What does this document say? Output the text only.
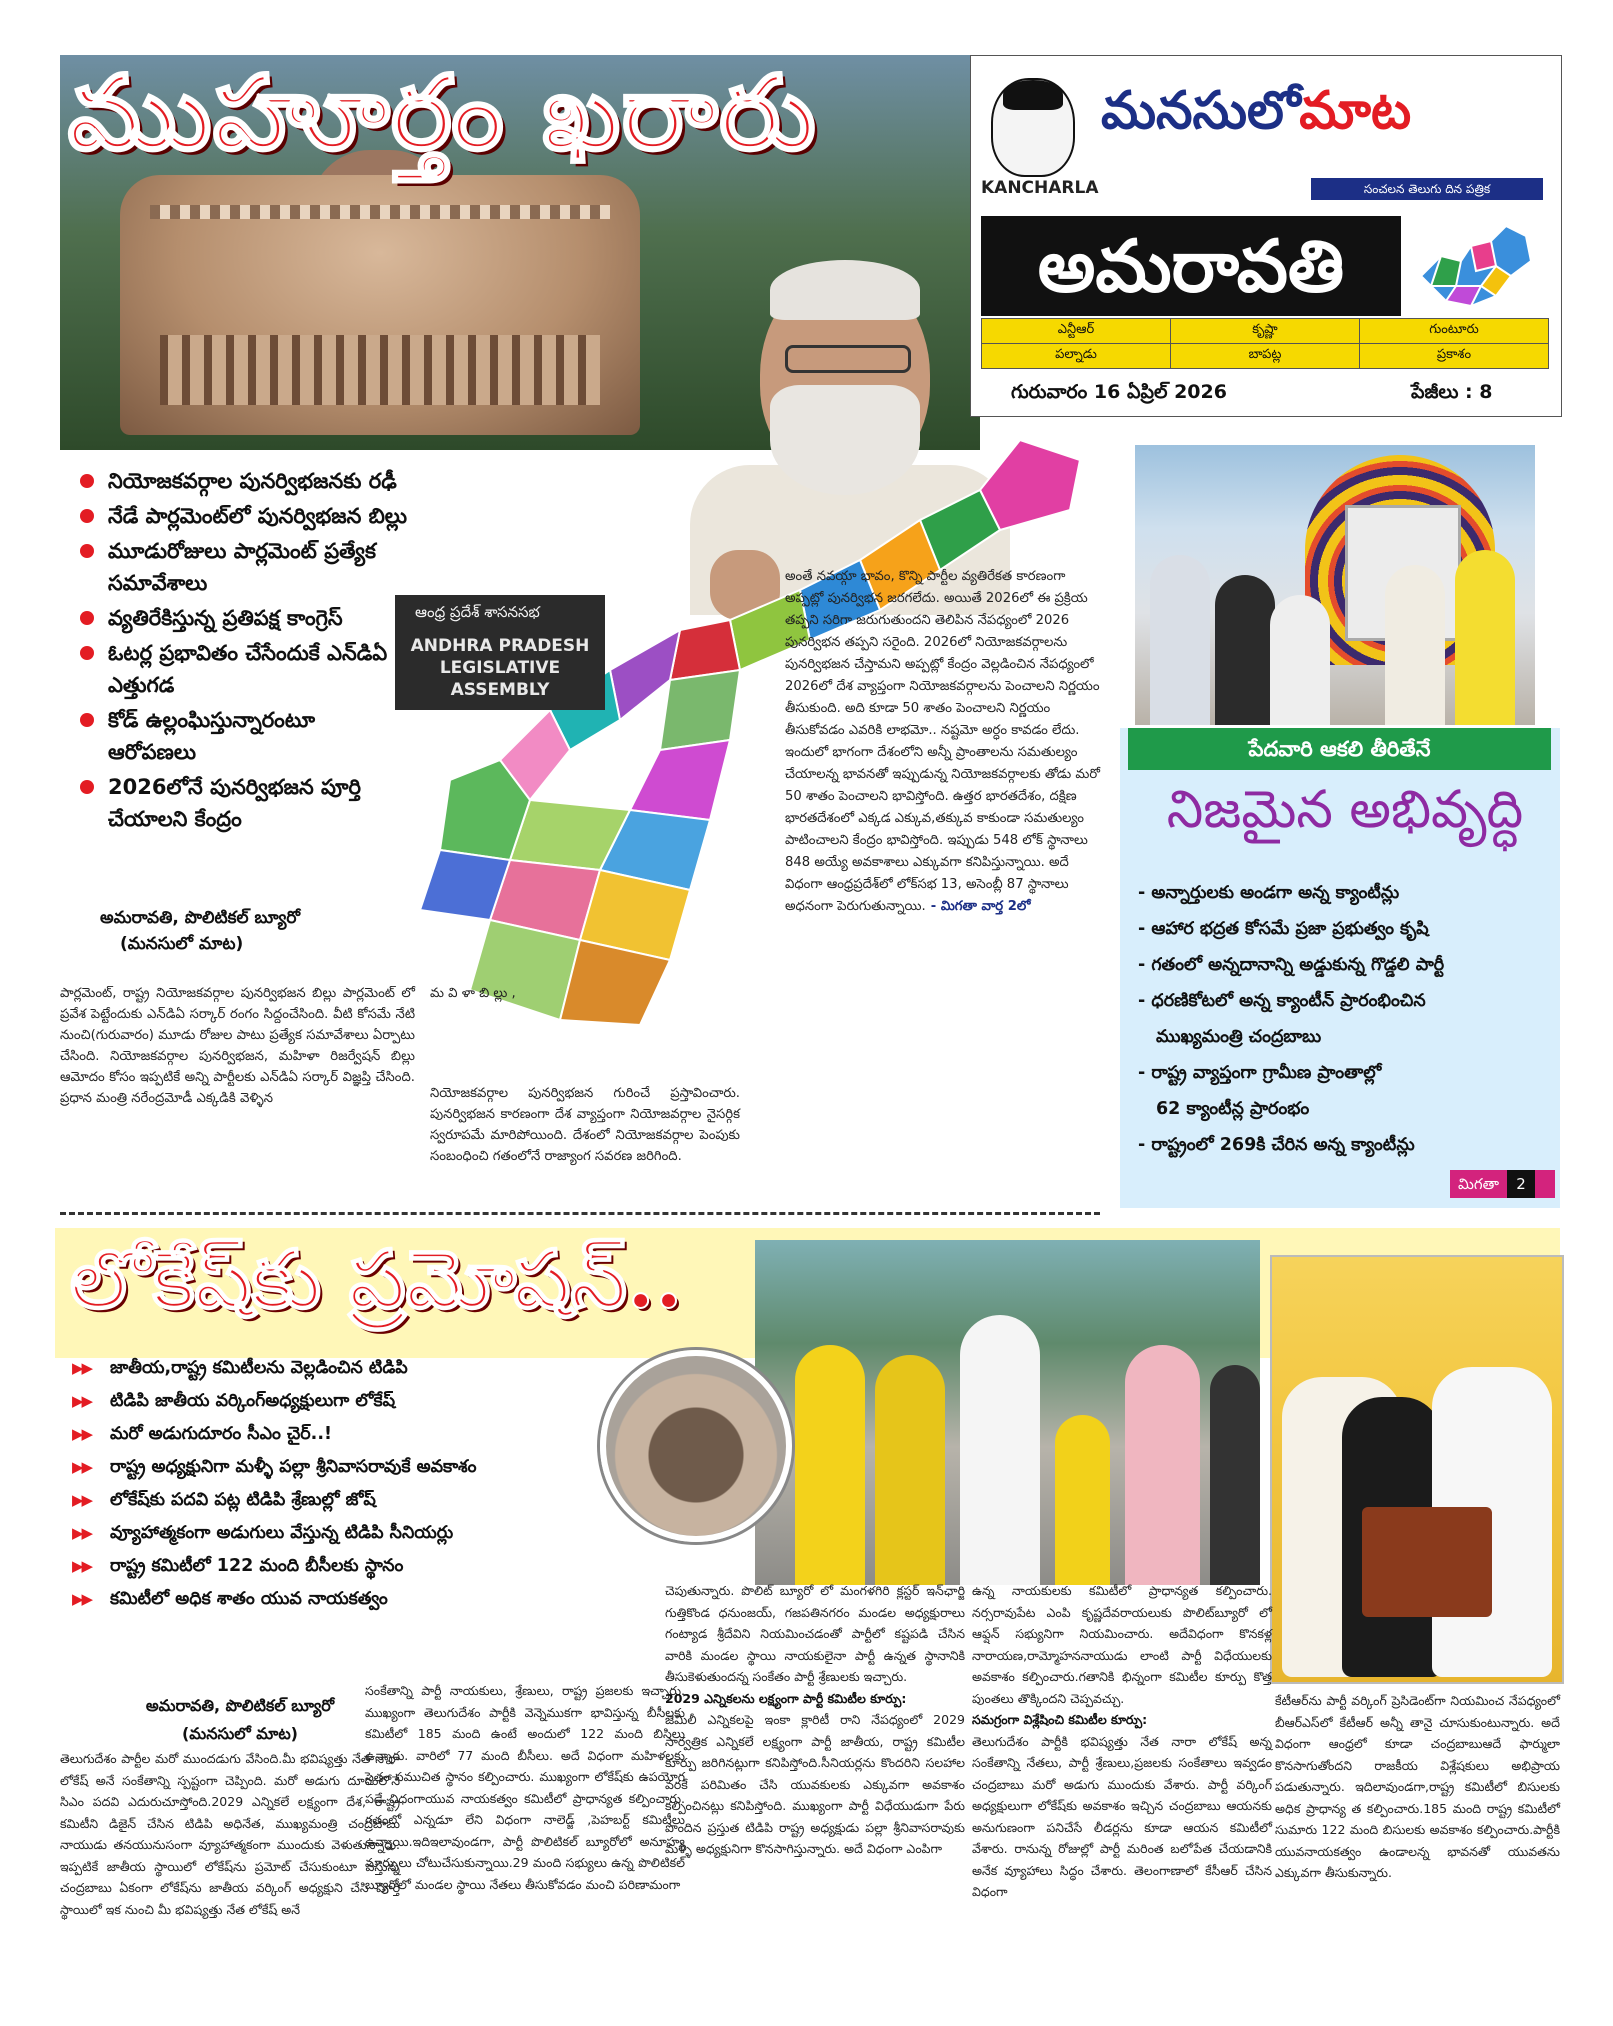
ముహూర్తం ఖరారు
ఆంధ్ర ప్రదేశ్ శాసనసభ
ANDHRA PRADESH LEGISLATIVE ASSEMBLY
నియోజకవర్గాల పునర్విభజనకు రఢీ
నేడే పార్లమెంట్‌లో పునర్విభజన బిల్లు
మూడురోజులు పార్లమెంట్ ప్రత్యేక సమావేశాలు
వ్యతిరేకిస్తున్న ప్రతిపక్ష కాంగ్రెస్
ఓటర్ల ప్రభావితం చేసేందుకే ఎన్‌డిఏ ఎత్తుగడ
కోడ్ ఉల్లంఘిస్తున్నారంటూ ఆరోపణలు
2026లోనే పునర్విభజన పూర్తి చేయాలని కేంద్రం
అమరావతి, పొలిటికల్ బ్యూరో
(మనసులో మాట)
పార్లమెంట్, రాష్ట్ర నియోజకవర్గాల పునర్విభజన బిల్లు పార్లమెంట్ లో ప్రవేశ పెట్టేందుకు ఎన్‌డిఏ సర్కార్ రంగం సిద్దంచేసింది. వీటి కోసమే నేటి నుంచి(గురువారం) మూడు రోజుల పాటు ప్రత్యేక సమావేశాలు ఏర్పాటు చేసింది. నియోజకవర్గాల పునర్విభజన, మహిళా రిజర్వేషన్ బిల్లు ఆమోదం కోసం ఇప్పటికే అన్ని పార్టీలకు ఎన్‌డిఏ సర్కార్ విజ్ఞప్తి చేసింది. ప్రధాన మంత్రి నరేంద్రమోడీ ఎక్కడికి వెళ్ళిన
మ వి ళా బి ల్లు ,
నియోజకవర్గాల పునర్విభజన గురించే ప్రస్తావించారు. పునర్విభజన కారణంగా దేశ వ్యాప్తంగా నియోజవర్గాల నైసర్గిక స్వరూపమే మారిపోయింది. దేశంలో నియోజకవర్గాల పెంపుకు సంబంధించి గతంలోనే రాజ్యాంగ సవరణ జరిగింది.
అంతే నవయ్గా భావం, కొన్ని పార్టీల వ్యతిరేకత కారణంగా అప్పట్లో పునర్విభన జరగలేదు. అయితే 2026లో ఈ ప్రక్రియ తప్పని సరిగా జరుగుతుందని తెలిపిన నేపధ్యంలో 2026 పునర్విభన తప్పని సరైంది. 2026లో నియోజకవర్గాలను పునర్విభజన చేస్తామని అప్పట్లో కేంద్రం వెల్లడించిన నేపధ్యంలో 2026లో దేశ వ్యాప్తంగా నియోజకవర్గాలను పెంచాలని నిర్ణయం తీసుకుంది. అది కూడా 50 శాతం పెంచాలని నిర్ణయం తీసుకోవడం ఎవరికి లాభమో.. నష్టమో అర్ధం కావడం లేదు. ఇందులో భాగంగా దేశంలోని అన్నీ ప్రాంతాలను సమతుల్యం చేయాలన్న భావనతో ఇప్పుడున్న నియోజకవర్గాలకు తోడు మరో 50 శాతం పెంచాలని భావిస్తోంది. ఉత్తర భారతదేశం, దక్షిణ భారతదేశంలో ఎక్కడ ఎక్కువ,తక్కువ కాకుండా సమతుల్యం పాటించాలని కేంద్రం భావిస్తోంది. ఇప్పుడు 548 లోక్ స్థానాలు 848 అయ్యే అవకాశాలు ఎక్కువగా కనిపిస్తున్నాయి. అదే విధంగా ఆంధ్రప్రదేశ్‌లో లోక్‌సభ 13, అసెంబ్లీ 87 స్థానాలు అధనంగా పెరుగుతున్నాయి. - మిగతా వార్త 2లో
KANCHARLA
మనసులోమాట
సంచలన తెలుగు దిన పత్రిక
అమరావతి
ఎన్టీఆర్	కృష్ణా	గుంటూరు
పల్నాడు	బాపట్ల	ప్రకాశం
గురువారం 16 ఏప్రిల్ 2026	పేజీలు : 8
పేదవారి ఆకలి తీరితేనే
నిజమైన అభివృద్ధి
- అన్నార్తులకు అండగా అన్న క్యాంటీన్లు
- ఆహార భద్రత కోసమే ప్రజా ప్రభుత్వం కృషి
- గతంలో అన్నదానాన్ని అడ్డుకున్న గొడ్డలి పార్టీ
- ధరణికోటలో అన్న క్యాంటీన్ ప్రారంభించిన
ముఖ్యమంత్రి చంద్రబాబు
- రాష్ట్ర వ్యాప్తంగా గ్రామీణ ప్రాంతాల్లో
62 క్యాంటీన్ల ప్రారంభం
- రాష్ట్రంలో 269కి చేరిన అన్న క్యాంటీన్లు
మిగతా 2
లోకేష్‌కు ప్రమోషన్..
▶▶ జాతీయ,రాష్ట్ర కమిటీలను వెల్లడించిన టిడిపి
▶▶ టిడిపి జాతీయ వర్కింగ్అధ్యక్షులుగా లోకేష్
▶▶ మరో అడుగుదూరం సీఎం చైర్..!
▶▶ రాష్ట్ర అధ్యక్షునిగా మళ్ళీ పల్లా శ్రీనివాసరావుకే అవకాశం
▶▶ లోకేష్‌కు పదవి పట్ల టిడిపి శ్రేణుల్లో జోష్
▶▶ వ్యూహాత్మకంగా అడుగులు వేస్తున్న టిడిపి సీనియర్లు
▶▶ రాష్ట్ర కమిటీలో 122 మంది బీసీలకు స్థానం
▶▶ కమిటీలో అధిక శాతం యువ నాయకత్వం
అమరావతి, పొలిటికల్ బ్యూరో
(మనసులో మాట)
తెలుగుదేశం పార్టీల మరో ముందడుగు వేసింది.మీ భవిష్యత్తు నేత నారా లోకేష్ అనే సంకేతాన్ని స్పష్టంగా చెప్పింది. మరో అడుగు దూరంలోనే సిఎం పదవి ఎదురుచూస్తోంది.2029 ఎన్నికలే లక్ష్యంగా దేశ, రాష్ట్ర కమిటీని డిజైన్ చేసిన టిడిపి అధినేత, ముఖ్యమంత్రి చంద్రబాబు నాయుడు తనయునుసంగా వ్యూహాత్మకంగా ముందుకు వెళుతున్నారు. ఇప్పటికే జాతీయ స్థాయిలో లోకేష్‌ను ప్రమోట్ చేసుకుంటూ వస్తున్న చంద్రబాబు ఏకంగా లోకేష్‌ను జాతీయ వర్కింగ్ అధ్యక్షుని చేసి పూర్తి స్థాయిలో ఇక నుంచి మీ భవిష్యత్తు నేత లోకేష్ అనే
సంకేతాన్ని పార్టీ నాయకులు, శ్రేణులు, రాష్ట్ర ప్రజలకు ఇచ్చారు. ముఖ్యంగా తెలుగుదేశం పార్టీకి వెన్నెముకగా భావిస్తున్న బీసీలకు కమిటీలో 185 మంది ఉంటే అందులో 122 మంది బిసిలు ఉన్నారు. వారిలో 77 మంది బీసీలు. అదే విధంగా మహిళలకు సైతం సముచిత స్థానం కల్పించారు. ముఖ్యంగా లోకేష్‌కు ఉపయోగ పడే విధంగాయువ నాయకత్వం కమిటీలో ప్రాధాన్యత కల్పించారు. గతంలో ఎన్నడూ లేని విధంగా నాలెడ్జ్ ,పెహబర్ట్ కమిటీలు ఉన్నాయి.ఇదిఇలావుండగా, పార్టీ పొలిటికల్ బ్యూరోలో అనూహ్య మార్పులు చోటుచేసుకున్నాయి.29 మంది సభ్యులు ఉన్న పొలిటికల్ బ్యూరోలో మండల స్థాయి నేతలు తీసుకోవడం మంచి పరిణామంగా
చెపుతున్నారు. పొలిట్ బ్యూరో లో మంగళగిరి క్లస్టర్ ఇన్‌ఛార్జి గుత్తికొండ ధనుంజయ్, గజపతినగరం మండల అధ్యక్షురాలు గంట్యాడ శ్రీదేవిని నియమించడంతో పార్టీలో కష్టపడి చేసిన వారికి మండల స్థాయి నాయకులైనా పార్టీ ఉన్నత స్థానానికి తీసుకెళుతుందన్న సంకేతం పార్టీ శ్రేణులకు ఇచ్చారు.
2029 ఎన్నికలను లక్ష్యంగా పార్టీ కమిటీల కూర్పు:
జెమిలీ ఎన్నికలపై ఇంకా క్లారిటీ రాని నేపధ్యంలో 2029 సార్వత్రిక ఎన్నికలే లక్ష్యంగా పార్టీ జాతీయ, రాష్ట్ర కమిటీల కూర్పు జరిగినట్లుగా కనిపిస్తోంది.సీనియర్లను కొందరిని సలహాల వరకే పరిమితం చేసి యువకులకు ఎక్కువగా అవకాశం కల్పించినట్లు కనిపిస్తోంది. ముఖ్యంగా పార్టీ విధేయుడుగా పేరు పొందిన ప్రస్తుత టిడిపి రాష్ట్ర అధ్యక్షుడు పల్లా శ్రీనివాసరావుకు మళ్ళీ అధ్యక్షునిగా కొనసాగిస్తున్నారు. అదే విధంగా ఎంపిగా
ఉన్న నాయకులకు కమిటీలో ప్రాధాన్యత కల్పించారు. నర్సరావుపేట ఎంపి కృష్ణదేవరాయలుకు పొలిట్‌బ్యూరో లో ఆఫ్షన్ సభ్యునిగా నియమించారు. అదేవిధంగా కొనకళ్ల నారాయణ,రామ్మోహననాయుడు లాంటి పార్టీ విధేయులకు అవకాశం కల్పించారు.గతానికి భిన్నంగా కమిటీల కూర్పు కొత్త పుంతలు తొక్కిందని చెప్పవచ్చు.
సమగ్రంగా విశ్లేషించి కమిటీల కూర్పు:
తెలుగుదేశం పార్టీకి భవిష్యత్తు నేత నారా లోకేష్ అన్న సంకేతాన్ని నేతలు, పార్టీ శ్రేణులు,ప్రజలకు సంకేతాలు ఇవ్వడం చంద్రబాబు మరో అడుగు ముందుకు వేశారు. పార్టీ వర్కింగ్ అధ్యక్షులుగా లోకేష్‌కు అవకాశం ఇచ్చిన చంద్రబాబు ఆయనకు అనుగుణంగా పనిచేసే లీడర్లను కూడా ఆయన కమిటీలో వేశారు. రానున్న రోజుల్లో పార్టీ మరింత బలోపేత చేయడానికి అనేక వ్యూహాలు సిద్ధం చేశారు. తెలంగాణాలో కేసీఆర్ చేసిన విధంగా
కేటీఆర్‌ను పార్టీ వర్కింగ్ ప్రెసిడెంట్‌గా నియమించ నేపధ్యంలో బీఆర్ఎస్‌లో కేటీఆర్ అన్నీ తానై చూసుకుంటున్నారు. అదే విధంగా ఆంధ్రలో కూడా చంద్రబాబుఆదే ఫార్ములా కొనసాగుతోందని రాజకీయ విశ్లేషకులు అభిప్రాయ పడుతున్నారు. ఇదిలావుండగా,రాష్ట్ర కమిటీలో బిసులకు అధిక ప్రాధాన్య త కల్పించారు.185 మంది రాష్ట్ర కమిటీలో సుమారు 122 మంది బిసులకు అవకాశం కల్పించారు.పార్టీకి యువనాయకత్వం ఉండాలన్న భావనతో యువతను ఎక్కువగా తీసుకున్నారు.
